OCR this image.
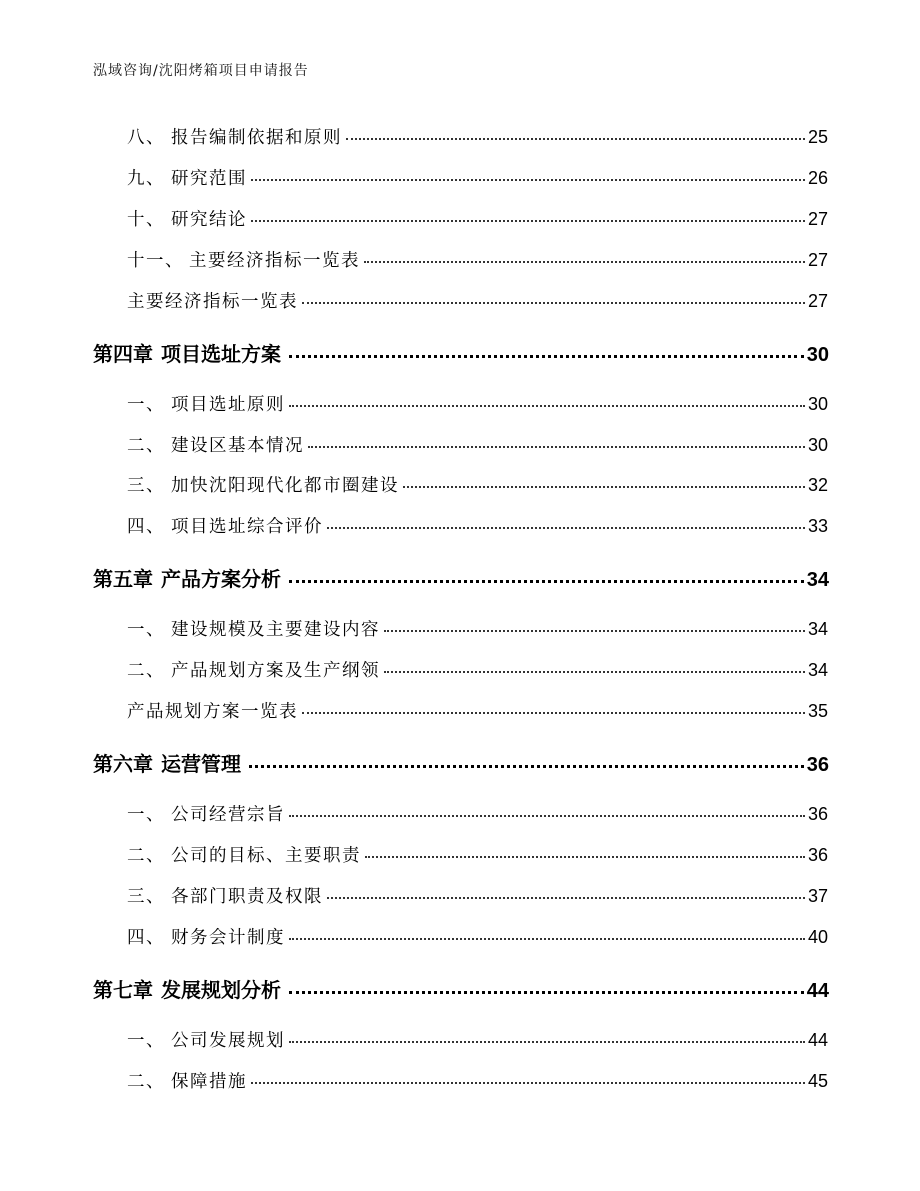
泓域咨询/沈阳烤箱项目申请报告
八、 报告编制依据和原则	25
九、 研究范围	26
十、 研究结论	27
十一、 主要经济指标一览表	27
主要经济指标一览表	27
第四章 项目选址方案	30
一、 项目选址原则	30
二、 建设区基本情况	30
三、 加快沈阳现代化都市圈建设	32
四、 项目选址综合评价	33
第五章 产品方案分析	34
一、 建设规模及主要建设内容	34
二、 产品规划方案及生产纲领	34
产品规划方案一览表	35
第六章 运营管理	36
一、 公司经营宗旨	36
二、 公司的目标、主要职责	36
三、 各部门职责及权限	37
四、 财务会计制度	40
第七章 发展规划分析	44
一、 公司发展规划	44
二、 保障措施	45
